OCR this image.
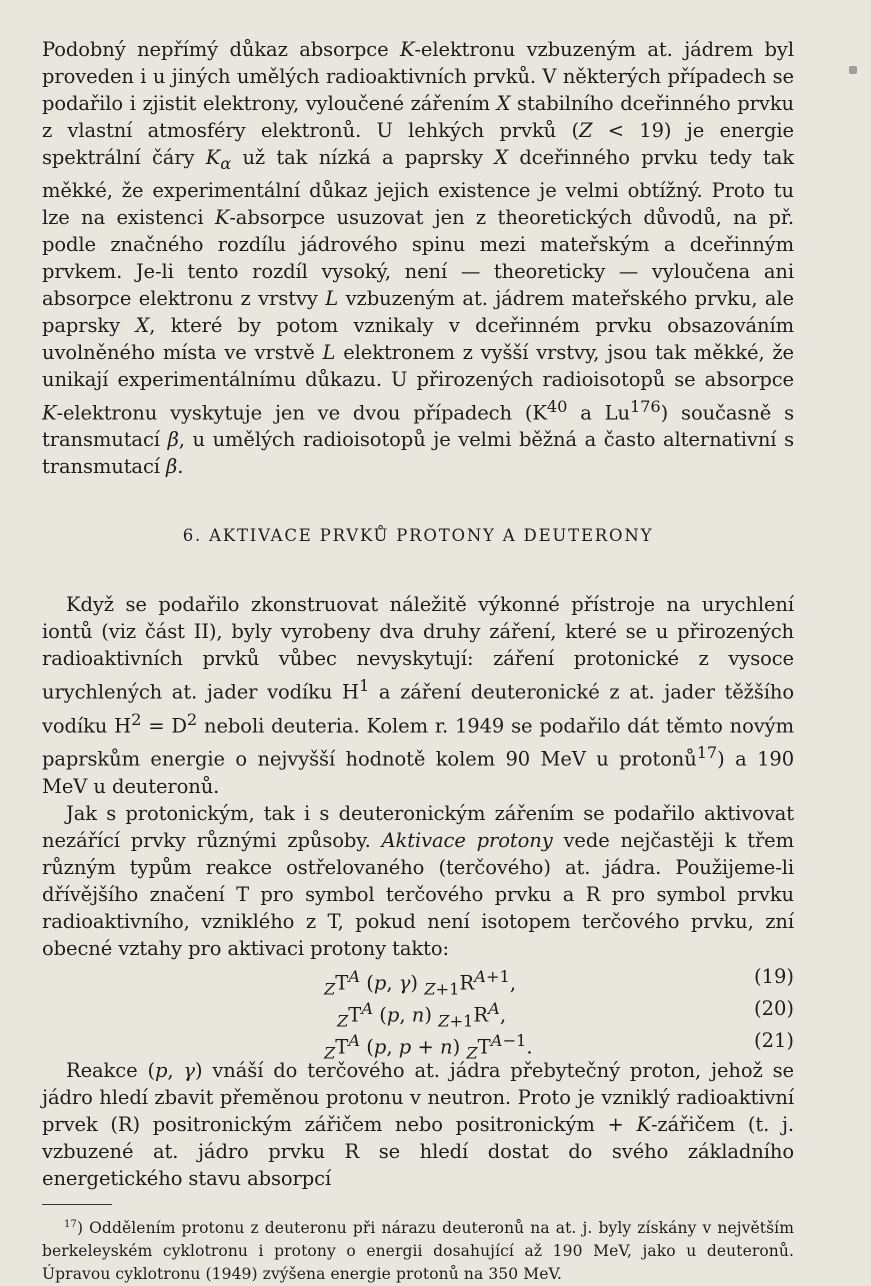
Podobný nepřímý důkaz absorpce K-elektronu vzbuzeným at. jádrem byl proveden i u jiných umělých radioaktivních prvků. V některých případech se podařilo i zjistit elektrony, vyloučené zářením X stabilního dceřinného prvku z vlastní atmosféry elektronů. U lehkých prvků (Z < 19) je energie spektrální čáry $K_\alpha$ už tak nízká a paprsky X dceřinného prvku tedy tak měkké, že experimentální důkaz jejich existence je velmi obtížný. Proto tu lze na existenci K-absorpce usuzovat jen z theoretických důvodů, na př. podle značného rozdílu jádrového spinu mezi mateřským a dceřinným prvkem. Je-li tento rozdíl vysoký, není — theoreticky — vyloučena ani absorpce elektronu z vrstvy L vzbuzeným at. jádrem mateřského prvku, ale paprsky X, které by potom vznikaly v dceřinném prvku obsazováním uvolněného místa ve vrstvě L elektronem z vyšší vrstvy, jsou tak měkké, že unikají experimentálnímu důkazu. U přirozených radioisotopů se absorpce K-elektronu vyskytuje jen ve dvou případech ($K^{40}$ a Lu$^{176}$) současně s transmutací β, u umělých radioisotopů je velmi běžná a často alternativní s transmutací β.

6. AKTIVACE PRVKŮ PROTONY A DEUTERONY

Když se podařilo zkonstruovat náležitě výkonné přístroje na urychlení iontů (viz část II), byly vyrobeny dva druhy záření, které se u přirozených radioaktivních prvků vůbec nevyskytují: záření protonické z vysoce urychlených at. jader vodíku $H^1$ a záření deuteronické z at. jader těžšího vodíku $H^2 = D^2$ neboli deuteria. Kolem r. 1949 se podařilo dát těmto novým paprskům energie o nejvyšší hodnotě kolem 90 MeV u protonů$^{17}$) a 190 MeV u deuteronů.

Jak s protonickým, tak i s deuteronickým zářením se podařilo aktivovat nezářící prvky různými způsoby. Aktivace protony vede nejčastěji k třem různým typům reakce ostřelovaného (terčového) at. jádra. Použijeme-li dřívějšího značení T pro symbol terčového prvku a R pro symbol prvku radioaktivního, vzniklého z T, pokud není isotopem terčového prvku, zní obecné vztahy pro aktivaci protony takto:

$_ZT^A$ (p, γ) $_{Z+1}R^{A+1}$,	(19)
$_ZT^A$ (p, n) $_{Z+1}R^A$,	(20)
$_ZT^A$ (p, p + n) $_ZT^{A-1}$.	(21)

Reakce (p, γ) vnáší do terčového at. jádra přebytečný proton, jehož se jádro hledí zbavit přeměnou protonu v neutron. Proto je vzniklý radioaktivní prvek (R) positronickým zářičem nebo positronickým + K-zářičem (t. j. vzbuzené at. jádro prvku R se hledí dostat do svého základního energetického stavu absorpcí

$^{17}$) Oddělením protonu z deuteronu při nárazu deuteronů na at. j. byly získány v největším berkeleyském cyklotronu i protony o energii dosahující až 190 MeV, jako u deuteronů. Úpravou cyklotronu (1949) zvýšena energie protonů na 350 MeV.
